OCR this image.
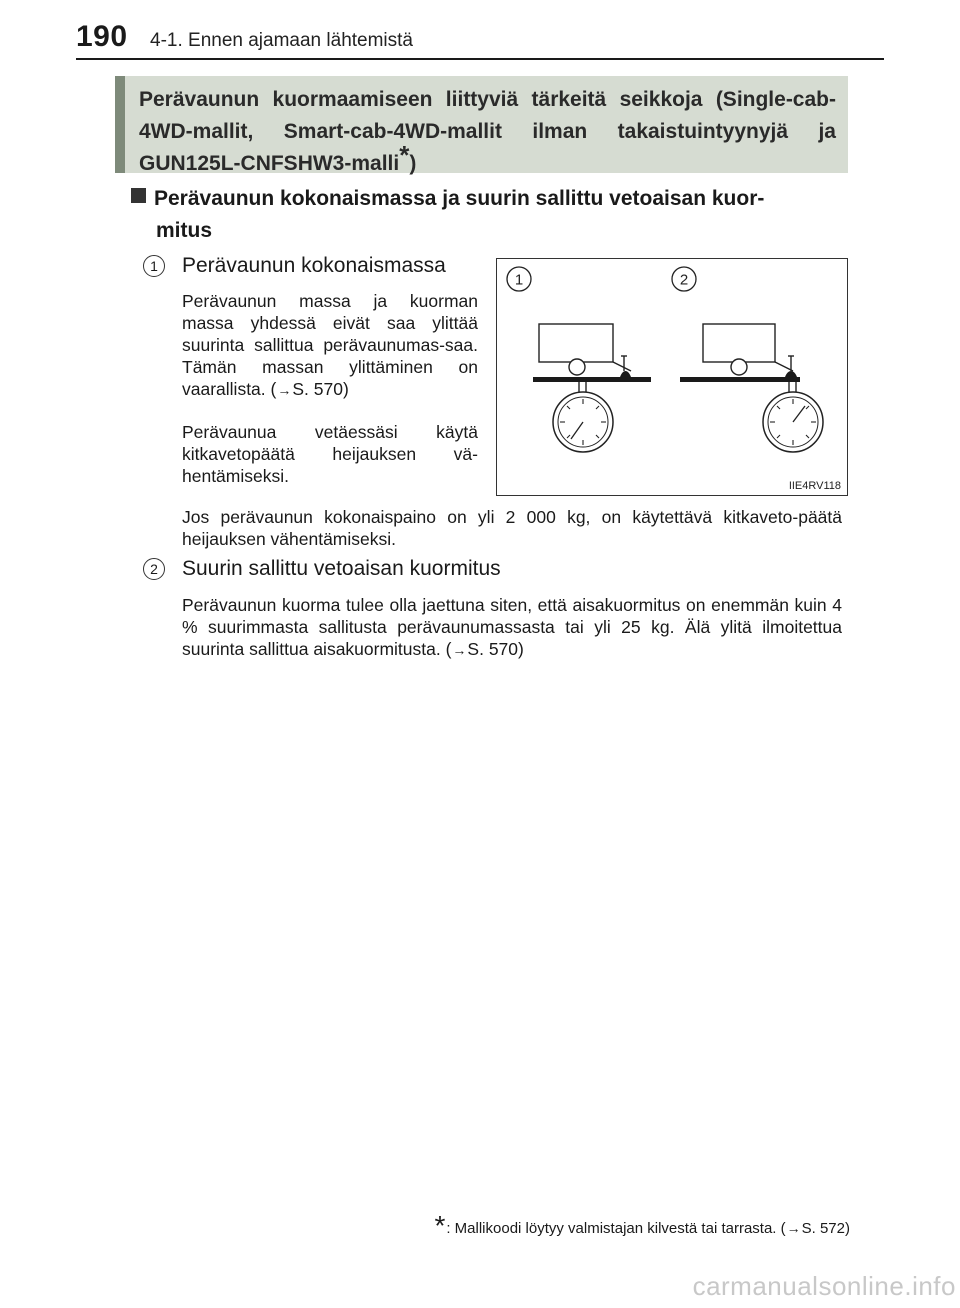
190 4-1. Ennen ajamaan lähtemistä
Perävaunun kuormaamiseen liittyviä tärkeitä seikkoja (Single-cab-4WD-mallit, Smart-cab-4WD-mallit ilman takaistuintyynyjä ja GUN125L-CNFSHW3-malli*)
Perävaunun kokonaismassa ja suurin sallittu vetoaisan kuor-
mitus
1	Perävaunun kokonaismassa
Perävaunun massa ja kuorman massa yhdessä eivät saa ylittää suurinta sallittua perävaunumas-saa. Tämän massan ylittäminen on vaarallista. (→S. 570)
Perävaunua vetäessäsi käytä kitkavetopäätä heijauksen vä-hentämiseksi.
Jos perävaunun kokonaispaino on yli 2 000 kg, on käytettävä kitkaveto-päätä heijauksen vähentämiseksi.
2	Suurin sallittu vetoaisan kuormitus
Perävaunun kuorma tulee olla jaettuna siten, että aisakuormitus on enemmän kuin 4 % suurimmasta sallitusta perävaunumassasta tai yli 25 kg. Älä ylitä ilmoitettua suurinta sallittua aisakuormitusta. (→S. 570)
1	2
IIE4RV118
*: Mallikoodi löytyy valmistajan kilvestä tai tarrasta. (→S. 572)
carmanualsonline.info
